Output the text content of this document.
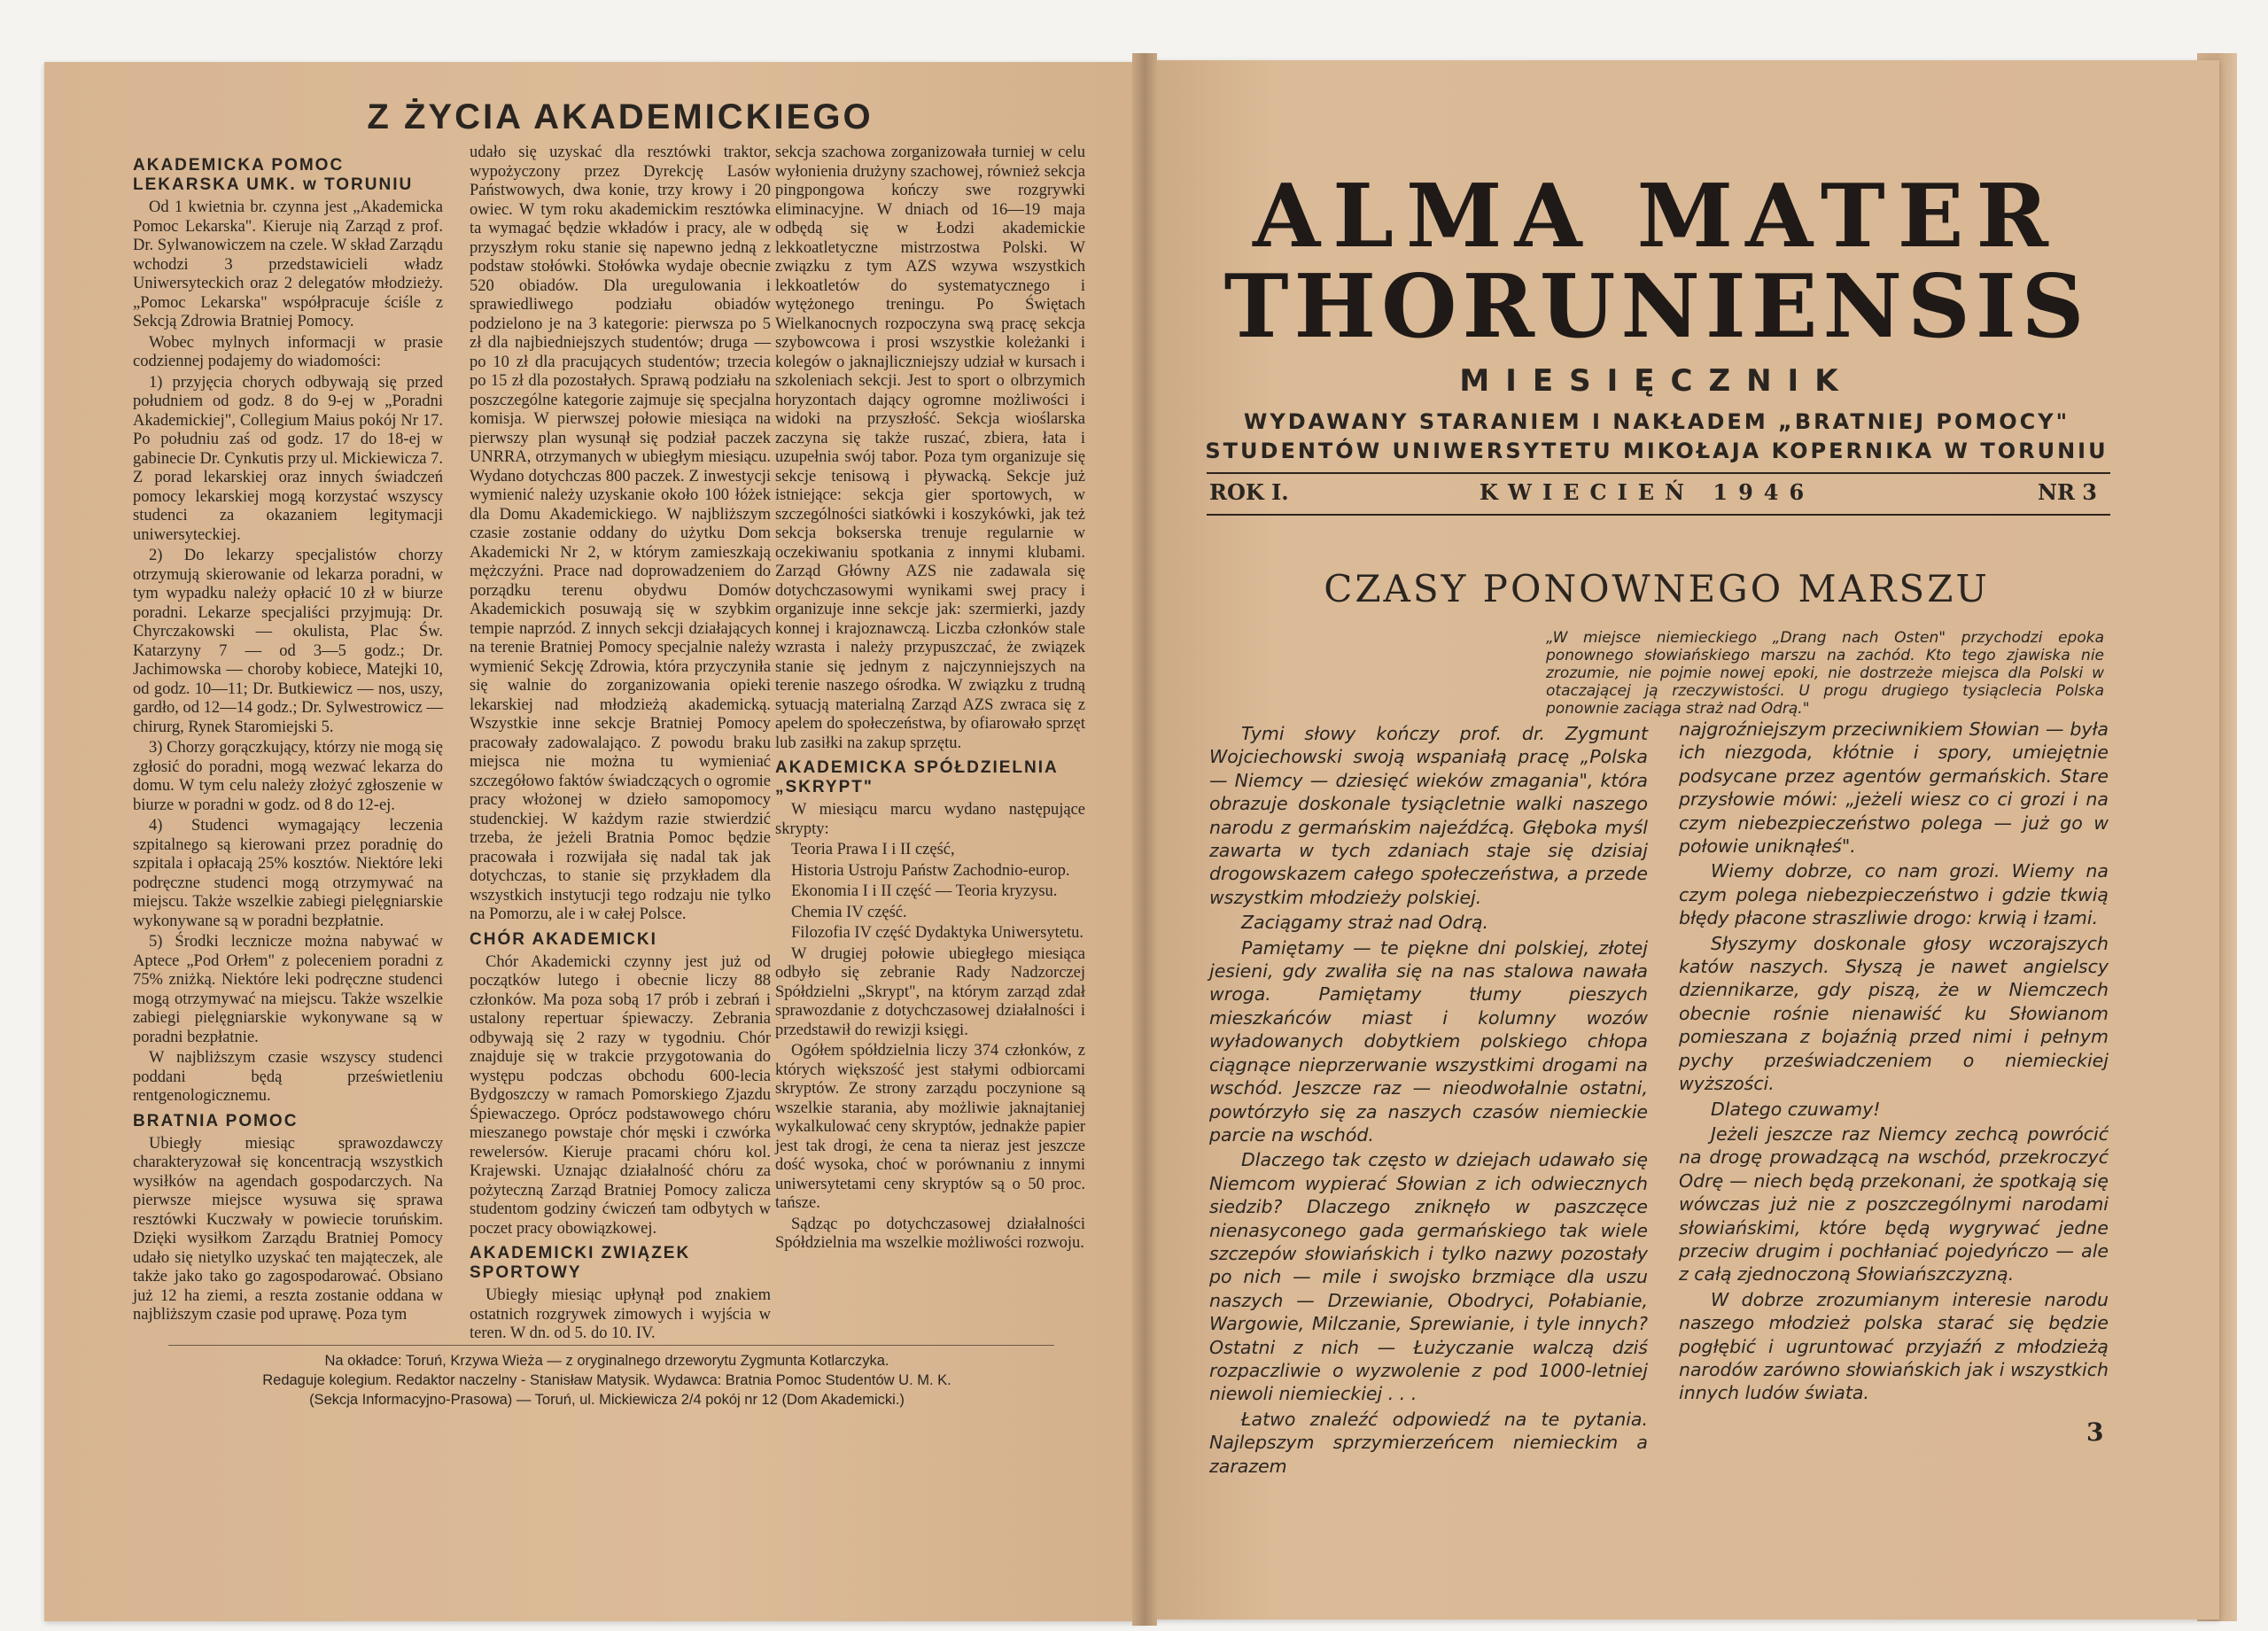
Z ŻYCIA AKADEMICKIEGO
AKADEMICKA POMOC LEKARSKA UMK. w TORUNIU

Od 1 kwietnia br. czynna jest „Akademicka Pomoc Lekarska". Kieruje nią Zarząd z prof. Dr. Sylwanowiczem na czele. W skład Zarządu wchodzi 3 przedstawicieli władz Uniwersyteckich oraz 2 delegatów młodzieży. „Pomoc Lekarska" współpracuje ściśle z Sekcją Zdrowia Bratniej Pomocy.

Wobec mylnych informacji w prasie codziennej podajemy do wiadomości:

1) przyjęcia chorych odbywają się przed południem od godz. 8 do 9-ej w „Poradni Akademickiej", Collegium Maius pokój Nr 17. Po południu zaś od godz. 17 do 18-ej w gabinecie Dr. Cynkutis przy ul. Mickiewicza 7. Z porad lekarskiej oraz innych świadczeń pomocy lekarskiej mogą korzystać wszyscy studenci za okazaniem legitymacji uniwersyteckiej.

2) Do lekarzy specjalistów chorzy otrzymują skierowanie od lekarza poradni, w tym wypadku należy opłacić 10 zł w biurze poradni. Lekarze specjaliści przyjmują: Dr. Chyrczakowski — okulista, Plac Św. Katarzyny 7 — od 3—5 godz.; Dr. Jachimowska — choroby kobiece, Matejki 10, od godz. 10—11; Dr. Butkiewicz — nos, uszy, gardło, od 12—14 godz.; Dr. Sylwestrowicz — chirurg, Rynek Staromiejski 5.

3) Chorzy gorączkujący, którzy nie mogą się zgłosić do poradni, mogą wezwać lekarza do domu. W tym celu należy złożyć zgłoszenie w biurze w poradni w godz. od 8 do 12-ej.

4) Studenci wymagający leczenia szpitalnego są kierowani przez poradnię do szpitala i opłacają 25% kosztów. Niektóre leki podręczne studenci mogą otrzymywać na miejscu. Także wszelkie zabiegi pielęgniarskie wykonywane są w poradni bezpłatnie.

5) Środki lecznicze można nabywać w Aptece „Pod Orłem" z poleceniem poradni z 75% zniżką. Niektóre leki podręczne studenci mogą otrzymywać na miejscu. Także wszelkie zabiegi pielęgniarskie wykonywane są w poradni bezpłatnie.

W najbliższym czasie wszyscy studenci poddani będą prześwietleniu rentgenologicznemu.

BRATNIA POMOC

Ubiegły miesiąc sprawozdawczy charakteryzował się koncentracją wszystkich wysiłków na agendach gospodarczych. Na pierwsze miejsce wysuwa się sprawa resztówki Kuczwały w powiecie toruńskim. Dzięki wysiłkom Zarządu Bratniej Pomocy udało się nietylko uzyskać ten mająteczek, ale także jako tako go zagospodarować. Obsiano już 12 ha ziemi, a reszta zostanie oddana w najbliższym czasie pod uprawę. Poza tym

udało się uzyskać dla resztówki traktor, wypożyczony przez Dyrekcję Lasów Państwowych, dwa konie, trzy krowy i 20 owiec. W tym roku akademickim resztówka ta wymagać będzie wkładów i pracy, ale w przyszłym roku stanie się napewno jedną z podstaw stołówki. Stołówka wydaje obecnie 520 obiadów. Dla uregulowania i sprawiedliwego podziału obiadów podzielono je na 3 kategorie: pierwsza po 5 zł dla najbiedniejszych studentów; druga — po 10 zł dla pracujących studentów; trzecia po 15 zł dla pozostałych. Sprawą podziału na poszczególne kategorie zajmuje się specjalna komisja. W pierwszej połowie miesiąca na pierwszy plan wysunął się podział paczek UNRRA, otrzymanych w ubiegłym miesiącu. Wydano dotychczas 800 paczek. Z inwestycji wymienić należy uzyskanie około 100 łóżek dla Domu Akademickiego. W najbliższym czasie zostanie oddany do użytku Dom Akademicki Nr 2, w którym zamieszkają mężczyźni. Prace nad doprowadzeniem do porządku terenu obydwu Domów Akademickich posuwają się w szybkim tempie naprzód. Z innych sekcji działających na terenie Bratniej Pomocy specjalnie należy wymienić Sekcję Zdrowia, która przyczyniła się walnie do zorganizowania opieki lekarskiej nad młodzieżą akademicką. Wszystkie inne sekcje Bratniej Pomocy pracowały zadowalająco. Z powodu braku miejsca nie można tu wymieniać szczegółowo faktów świadczących o ogromie pracy włożonej w dzieło samopomocy studenckiej. W każdym razie stwierdzić trzeba, że jeżeli Bratnia Pomoc będzie pracowała i rozwijała się nadal tak jak dotychczas, to stanie się przykładem dla wszystkich instytucji tego rodzaju nie tylko na Pomorzu, ale i w całej Polsce.

CHÓR AKADEMICKI

Chór Akademicki czynny jest już od początków lutego i obecnie liczy 88 członków. Ma poza sobą 17 prób i zebrań i ustalony repertuar śpiewaczy. Zebrania odbywają się 2 razy w tygodniu. Chór znajduje się w trakcie przygotowania do występu podczas obchodu 600-lecia Bydgoszczy w ramach Pomorskiego Zjazdu Śpiewaczego. Oprócz podstawowego chóru mieszanego powstaje chór męski i czwórka rewelersów. Kieruje pracami chóru kol. Krajewski. Uznając działalność chóru za pożyteczną Zarząd Bratniej Pomocy zalicza studentom godziny ćwiczeń tam odbytych w poczet pracy obowiązkowej.

AKADEMICKI ZWIĄZEK SPORTOWY

Ubiegły miesiąc upłynął pod znakiem ostatnich rozgrywek zimowych i wyjścia w teren. W dn. od 5. do 10. IV.

sekcja szachowa zorganizowała turniej w celu wyłonienia drużyny szachowej, również sekcja pingpongowa kończy swe rozgrywki eliminacyjne. W dniach od 16—19 maja odbędą się w Łodzi akademickie lekkoatletyczne mistrzostwa Polski. W związku z tym AZS wzywa wszystkich lekkoatletów do systematycznego i wytężonego treningu. Po Świętach Wielkanocnych rozpoczyna swą pracę sekcja szybowcowa i prosi wszystkie koleżanki i kolegów o jaknajliczniejszy udział w kursach i szkoleniach sekcji. Jest to sport o olbrzymich horyzontach dający ogromne możliwości i widoki na przyszłość. Sekcja wioślarska zaczyna się także ruszać, zbiera, łata i uzupełnia swój tabor. Poza tym organizuje się sekcje tenisową i pływacką. Sekcje już istniejące: sekcja gier sportowych, w szczególności siatkówki i koszykówki, jak też sekcja bokserska trenuje regularnie w oczekiwaniu spotkania z innymi klubami. Zarząd Główny AZS nie zadawala się dotychczasowymi wynikami swej pracy i organizuje inne sekcje jak: szermierki, jazdy konnej i krajoznawczą. Liczba członków stale wzrasta i należy przypuszczać, że związek stanie się jednym z najczynniejszych na terenie naszego ośrodka. W związku z trudną sytuacją materialną Zarząd AZS zwraca się z apelem do społeczeństwa, by ofiarowało sprzęt lub zasiłki na zakup sprzętu.

AKADEMICKA SPÓŁDZIELNIA „SKRYPT"

W miesiącu marcu wydano następujące skrypty:

Teoria Prawa I i II część,

Historia Ustroju Państw Zachodnio-europ.

Ekonomia I i II część — Teoria kryzysu.

Chemia IV część.

Filozofia IV część Dydaktyka Uniwersytetu.

W drugiej połowie ubiegłego miesiąca odbyło się zebranie Rady Nadzorczej Spółdzielni „Skrypt", na którym zarząd zdał sprawozdanie z dotychczasowej działalności i przedstawił do rewizji księgi.

Ogółem spółdzielnia liczy 374 członków, z których większość jest stałymi odbiorcami skryptów. Ze strony zarządu poczynione są wszelkie starania, aby możliwie jaknajtaniej wykalkulować ceny skryptów, jednakże papier jest tak drogi, że cena ta nieraz jest jeszcze dość wysoka, choć w porównaniu z innymi uniwersytetami ceny skryptów są o 50 proc. tańsze.

Sądząc po dotychczasowej działalności Spółdzielnia ma wszelkie możliwości rozwoju.

Na okładce: Toruń, Krzywa Wieża — z oryginalnego drzeworytu Zygmunta Kotlarczyka.
Redaguje kolegium. Redaktor naczelny - Stanisław Matysik. Wydawca: Bratnia Pomoc Studentów U. M. K.
(Sekcja Informacyjno-Prasowa) — Toruń, ul. Mickiewicza 2/4 pokój nr 12 (Dom Akademicki.)
ALMA MATER
THORUNIENSIS
MIESIĘCZNIK
WYDAWANY STARANIEM I NAKŁADEM „BRATNIEJ POMOCY"
STUDENTÓW UNIWERSYTETU MIKOŁAJA KOPERNIKA W TORUNIU
ROK I.	KWIECIEŃ 1946	NR 3
CZASY PONOWNEGO MARSZU
„W miejsce niemieckiego „Drang nach Osten" przychodzi epoka ponownego słowiańskiego marszu na zachód. Kto tego zjawiska nie zrozumie, nie pojmie nowej epoki, nie dostrzeże miejsca dla Polski w otaczającej ją rzeczywistości. U progu drugiego tysiąclecia Polska ponownie zaciąga straż nad Odrą."

Tymi słowy kończy prof. dr. Zygmunt Wojciechowski swoją wspaniałą pracę „Polska — Niemcy — dziesięć wieków zmagania", która obrazuje doskonale tysiącletnie walki naszego narodu z germańskim najeźdźcą. Głęboka myśl zawarta w tych zdaniach staje się dzisiaj drogowskazem całego społeczeństwa, a przede wszystkim młodzieży polskiej.

Zaciągamy straż nad Odrą.

Pamiętamy — te piękne dni polskiej, złotej jesieni, gdy zwaliła się na nas stalowa nawała wroga. Pamiętamy tłumy pieszych mieszkańców miast i kolumny wozów wyładowanych dobytkiem polskiego chłopa ciągnące nieprzerwanie wszystkimi drogami na wschód. Jeszcze raz — nieodwołalnie ostatni, powtórzyło się za naszych czasów niemieckie parcie na wschód.

Dlaczego tak często w dziejach udawało się Niemcom wypierać Słowian z ich odwiecznych siedzib? Dlaczego zniknęło w paszczęce nienasyconego gada germańskiego tak wiele szczepów słowiańskich i tylko nazwy pozostały po nich — mile i swojsko brzmiące dla uszu naszych — Drzewianie, Obodryci, Połabianie, Wargowie, Milczanie, Sprewianie, i tyle innych? Ostatni z nich — Łużyczanie walczą dziś rozpaczliwie o wyzwolenie z pod 1000-letniej niewoli niemieckiej . . .

Łatwo znaleźć odpowiedź na te pytania. Najlepszym sprzymierzeńcem niemieckim a zarazem

najgroźniejszym przeciwnikiem Słowian — była ich niezgoda, kłótnie i spory, umiejętnie podsycane przez agentów germańskich. Stare przysłowie mówi: „jeżeli wiesz co ci grozi i na czym niebezpieczeństwo polega — już go w połowie uniknąłeś".

Wiemy dobrze, co nam grozi. Wiemy na czym polega niebezpieczeństwo i gdzie tkwią błędy płacone straszliwie drogo: krwią i łzami.

Słyszymy doskonale głosy wczorajszych katów naszych. Słyszą je nawet angielscy dziennikarze, gdy piszą, że w Niemczech obecnie rośnie nienawiść ku Słowianom pomieszana z bojaźnią przed nimi i pełnym pychy przeświadczeniem o niemieckiej wyższości.

Dlatego czuwamy!

Jeżeli jeszcze raz Niemcy zechcą powrócić na drogę prowadzącą na wschód, przekroczyć Odrę — niech będą przekonani, że spotkają się wówczas już nie z poszczególnymi narodami słowiańskimi, które będą wygrywać jedne przeciw drugim i pochłaniać pojedyńczo — ale z całą zjednoczoną Słowiańszczyzną.

W dobrze zrozumianym interesie narodu naszego młodzież polska starać się będzie pogłębić i ugruntować przyjaźń z młodzieżą narodów zarówno słowiańskich jak i wszystkich innych ludów świata.

3
